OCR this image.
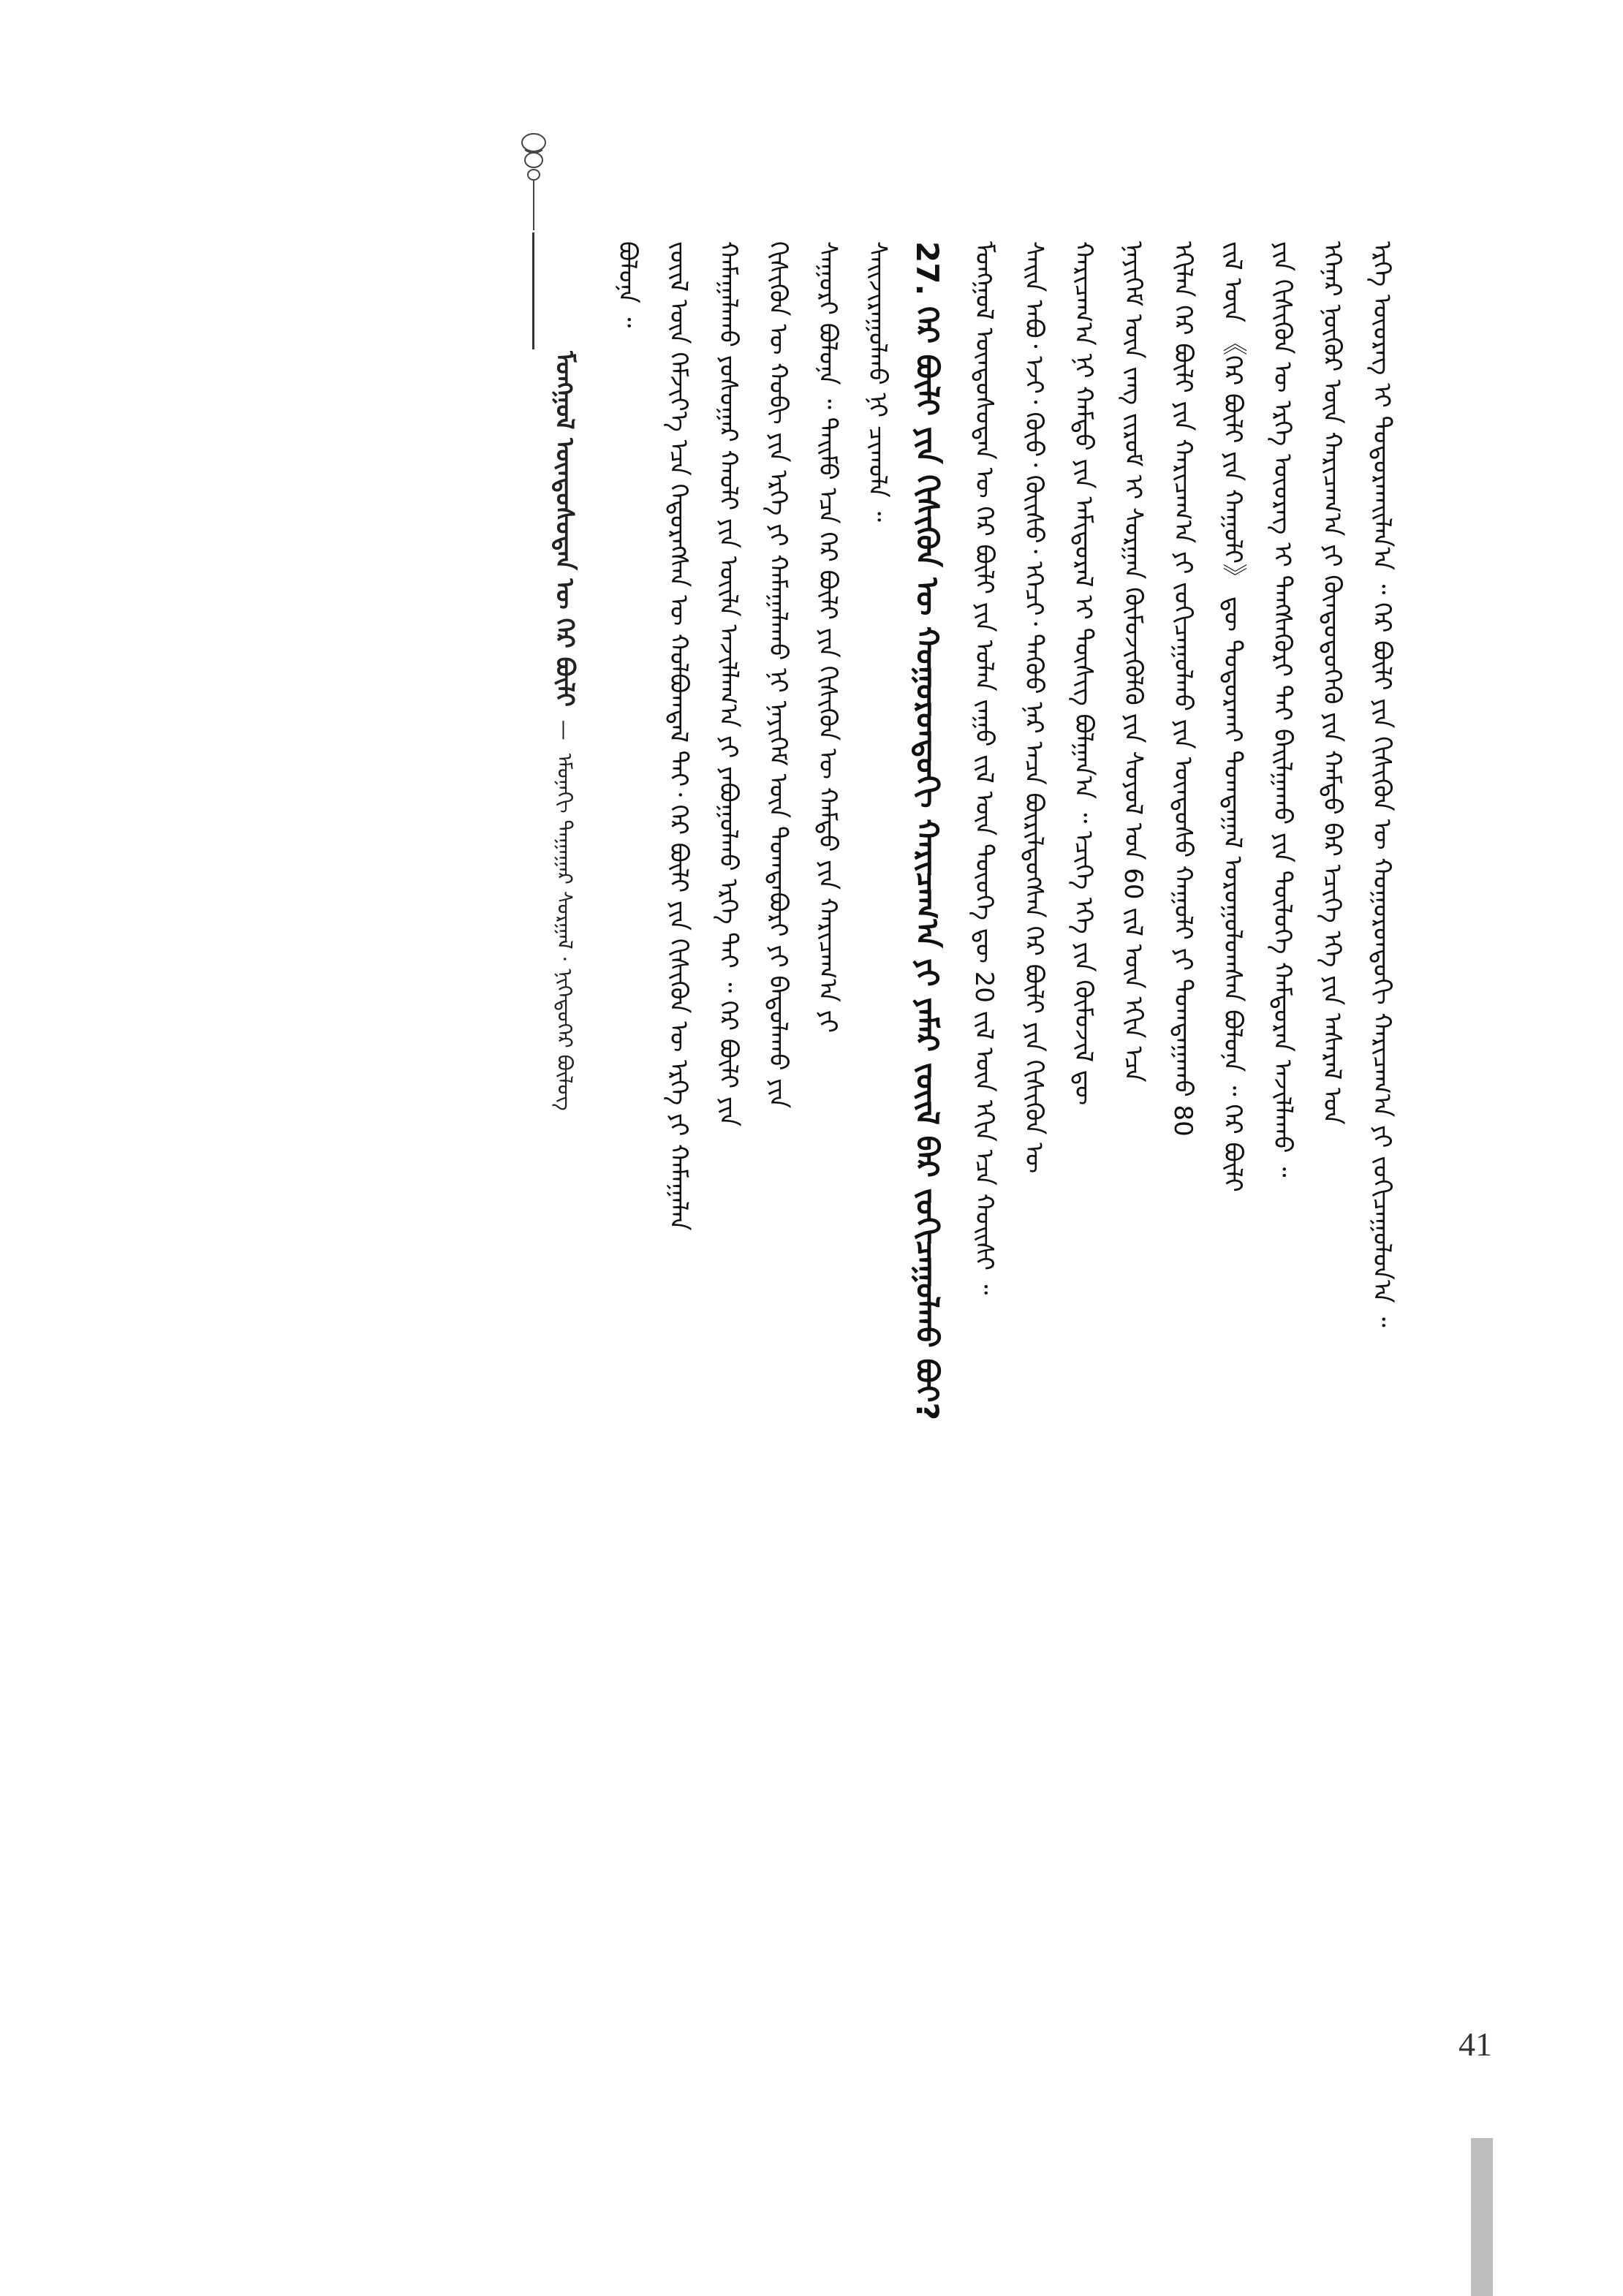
ᠮᠣᠩᠭᠣᠯ ᠦᠨᠳᠦᠰᠦᠲᠡᠨ ᠦ ᠭᠡᠷ ᠪᠦᠯᠢ  —  ᠡᠮᠦᠨᠡᠬᠢ ᠳᠠᠭᠠᠭᠠᠷ ᠰᠤᠷᠭᠠᠯ · ᠨᠢᠭᠡᠳᠦᠭᠡᠷ ᠪᠦᠯᠦᠭ
ᠪᠣᠯᠤᠨᠠ ᠃ ᠵᠦᠢᠯ ᠦᠨ ᠬᠡᠮᠵᠢᠶ᠎ᠡ ᠡᠴᠡ ᠬᠡᠲᠦᠷᠡᠭᠰᠡᠨ ᠦ ᠬᠣᠯᠪᠣᠭᠳᠠᠯ ᠲᠠᠢ᠂ ᠭᠡᠷ ᠪᠦᠯᠢ ᠶᠢᠨ ᠭᠢᠰᠢᠭᠦᠨ ᠦ ᠡᠷᠬᠡ ᠶᠢ ᠬᠠᠮᠠᠭᠠᠯᠠᠨ ᠬᠠᠮᠠᠭᠠᠯᠠᠬᠤ ᠶᠣᠰᠣᠭᠠᠷ ᠬᠠᠤᠯᠢ ᠶᠢᠨ ᠦᠢᠯᠡ ᠠᠵᠢᠯᠯᠠᠭ᠎ᠠ ᠶᠢ ᠶᠠᠪᠤᠭᠤᠯᠬᠤ ᠡᠷᠬᠡ ᠲᠠᠢ ᠃ ᠭᠡᠷ ᠪᠦᠯᠢ ᠶᠢᠨ ᠭᠢᠰᠢᠭᠦᠨ ᠦ ᠬᠤᠪᠢ ᠶᠢᠨ ᠡᠷᠬᠡ ᠶᠢ ᠬᠠᠮᠠᠭᠠᠯᠠᠬᠤ ᠨᠢ ᠨᠡᠶᠢᠭᠡᠮ ᠦᠨ ᠲᠣᠭᠲᠠᠪᠤᠷᠢ ᠶᠢ ᠪᠠᠲᠤᠯᠠᠬᠤ ᠶᠢᠨ ᠰᠠᠭᠤᠷᠢ ᠪᠣᠯᠤᠨᠠ ᠃ ᠲᠡᠢᠮᠦ ᠡᠴᠡ ᠭᠡᠷ ᠪᠦᠯᠢ ᠶᠢᠨ ᠭᠢᠰᠢᠭᠦᠨ ᠦ ᠬᠠᠮᠲᠤ ᠶᠢᠨ ᠬᠠᠷᠢᠴᠠᠭ᠎ᠠ ᠶᠢ ᠰᠠᠢᠵᠢᠷᠠᠭᠤᠯᠬᠤ ᠨᠢ ᠴᠢᠬᠤᠯᠠ ᠃ 27. ᠭᠡᠷ ᠪᠦᠯᠢ ᠶᠢᠨ ᠭᠢᠰᠢᠭᠦᠨ ᠦ ᠬᠣᠭᠣᠷᠣᠨᠳᠣᠬᠢ ᠬᠠᠷᠢᠴᠠᠭ᠎ᠠ ᠶᠢ ᠶᠠᠮᠠᠷ ᠵᠦᠢᠯ ᠪᠡᠷ ᠵᠣᠬᠢᠴᠠᠭᠤᠯᠬᠤ ᠪᠤᠢ? ᠮᠣᠩᠭᠣᠯ ᠦᠨᠳᠦᠰᠦᠲᠡᠨ ᠦ ᠭᠡᠷ ᠪᠦᠯᠢ ᠶᠢᠨ ᠣᠯᠠᠨ ᠵᠠᠭᠤ ᠵᠢᠯ ᠦᠨ ᠲᠦᠦᠬᠡ ᠳᠦ 20 ᠵᠢᠯ ᠦᠨ ᠡᠬᠢᠨ ᠡᠴᠡ ᠬᠣᠢᠰᠢ ᠃ ᠰᠠᠢᠨ ᠠᠪᠤ᠂ ᠡᠵᠢ᠂ ᠬᠦᠦ᠂ ᠬᠦᠢᠰᠦ᠂ ᠡᠭᠡᠴᠢ᠂ ᠳᠡᠭᠦᠦ ᠨᠠᠷ ᠠᠴᠠ ᠪᠦᠷᠢᠯᠳᠦᠭᠰᠡᠨ ᠭᠡᠷ ᠪᠦᠯᠢ ᠶᠢᠨ ᠭᠢᠰᠢᠭᠦᠨ ᠦ ᠬᠠᠷᠢᠴᠠᠭ᠎ᠠ ᠨᠢ ᠬᠠᠮᠲᠤ ᠶᠢᠨ ᠠᠮᠢᠳᠤᠷᠠᠯ ᠢ ᠲᠦᠰᠢᠭ ᠪᠣᠯᠭᠠᠨ᠎ᠠ ᠃ ᠡᠴᠢᠭᠡ ᠡᠬᠡ ᠶᠢᠨ ᠬᠦᠮᠦᠵᠢᠯ ᠳᠦ ᠨᠡᠶᠢᠭᠡᠮ ᠦᠨ ᠵᠠᠩ ᠵᠢᠷᠤᠮ ᠢ ᠰᠤᠷᠭᠠᠨ ᠬᠦᠮᠦᠵᠢᠭᠦᠯᠬᠦ ᠶᠢᠨ ᠰᠣᠶᠣᠯ ᠤᠨ 60 ᠵᠢᠯ ᠦᠨ ᠡᠬᠢᠨ ᠡᠴᠡ ᠡᠬᠢᠯᠡᠨ ᠭᠡᠷ ᠪᠦᠯᠢ ᠶᠢᠨ ᠬᠠᠷᠢᠴᠠᠭ᠎ᠠ ᠶᠢ ᠵᠣᠬᠢᠴᠠᠭᠤᠯᠬᠤ ᠶᠢᠨ ᠦᠨᠳᠦᠰᠦ ᠬᠠᠭᠤᠯᠢ ᠶᠢ ᠲᠣᠭᠲᠠᠭᠠᠬᠤ 80 ᠵᠢᠯ ᠦᠨ 《ᠭᠡᠷ ᠪᠦᠯᠢ ᠶᠢᠨ ᠬᠠᠭᠤᠯᠢ》 ᠳᠦ ᠲᠣᠳᠣᠷᠬᠠᠢ ᠲᠣᠭᠲᠠᠭᠠᠯ ᠣᠷᠣᠭᠤᠯᠤᠭᠰᠠᠨ ᠪᠣᠯᠤᠨᠠ ᠃ ᠭᠡᠷ ᠪᠦᠯᠢ ᠶᠢᠨ ᠭᠢᠰᠢᠭᠦᠨ ᠦ ᠡᠷᠬᠡ ᠦᠦᠷᠡᠭ ᠢ ᠲᠡᠩᠰᠡᠭᠦᠷᠢ ᠲᠠᠢ ᠪᠠᠢᠯᠭᠠᠬᠤ ᠶᠢᠨ ᠲᠥᠯᠦᠭᠡ ᠬᠠᠮᠲᠤᠷᠠᠨ ᠠᠵᠢᠯᠯᠠᠬᠤ ᠃ ᠡᠬᠡᠨᠡᠷ ᠨᠥᠬᠦᠷ ᠦᠨ ᠬᠠᠷᠢᠴᠠᠭ᠎ᠠ ᠶᠢ ᠬᠦᠨᠳᠦᠲᠦᠭᠡᠬᠦ ᠶᠢᠨ ᠬᠠᠮᠲᠤ ᠪᠠᠷ ᠡᠴᠢᠭᠡ ᠡᠬᠡ ᠶᠢᠨ ᠠᠰᠠᠷᠠᠯ ᠤᠨ ᠡᠷᠬᠡ ᠦᠦᠷᠡᠭ ᠢ ᠲᠣᠳᠣᠷᠬᠠᠢᠯᠠᠨ᠎ᠠ ᠃ ᠭᠡᠷ ᠪᠦᠯᠢ ᠶᠢᠨ ᠭᠢᠰᠢᠭᠦᠨ ᠦ ᠬᠣᠭᠣᠷᠣᠨᠳᠣᠬᠢ ᠬᠠᠷᠢᠴᠠᠭ᠎ᠠ ᠶᠢ ᠵᠣᠬᠢᠴᠠᠭᠤᠯᠤᠨ᠎ᠠ ᠃
41
